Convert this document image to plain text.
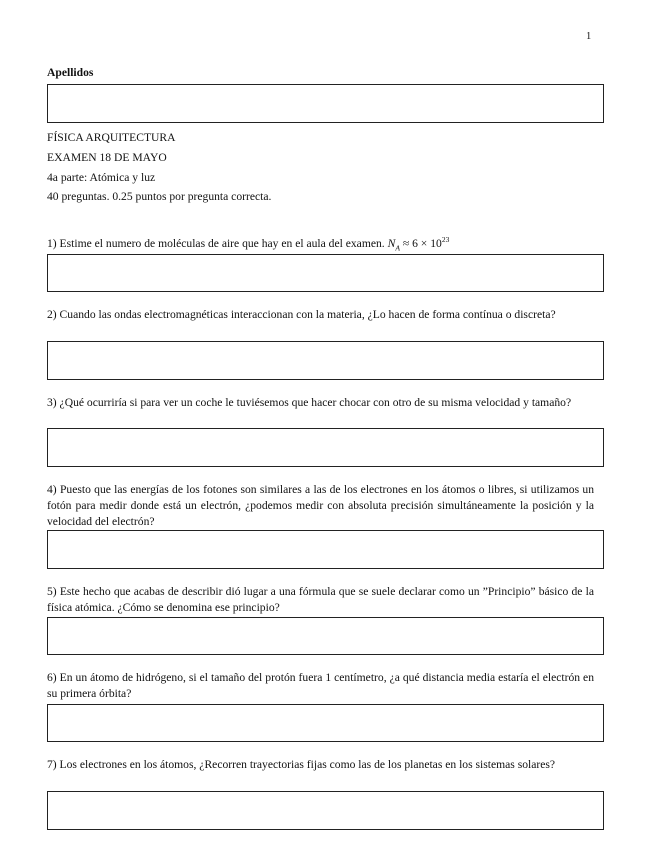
1
Apellidos
FÍSICA ARQUITECTURA
EXAMEN 18 DE MAYO
4a parte: Atómica y luz
40 preguntas. 0.25 puntos por pregunta correcta.
1) Estime el numero de moléculas de aire que hay en el aula del examen. $N_A \approx 6 \times 10^{23}$
2) Cuando las ondas electromagnéticas interaccionan con la materia, ¿Lo hacen de forma contínua o discreta?
3) ¿Qué ocurriría si para ver un coche le tuviésemos que hacer chocar con otro de su misma velocidad y tamaño?
4) Puesto que las energías de los fotones son similares a las de los electrones en los átomos o libres, si utilizamos un fotón para medir donde está un electrón, ¿podemos medir con absoluta precisión simultáneamente la posición y la velocidad del electrón?
5) Este hecho que acabas de describir dió lugar a una fórmula que se suele declarar como un ”Principio” básico de la física atómica. ¿Cómo se denomina ese principio?
6) En un átomo de hidrógeno, si el tamaño del protón fuera 1 centímetro, ¿a qué distancia media estaría el electrón en su primera órbita?
7) Los electrones en los átomos, ¿Recorren trayectorias fijas como las de los planetas en los sistemas solares?
